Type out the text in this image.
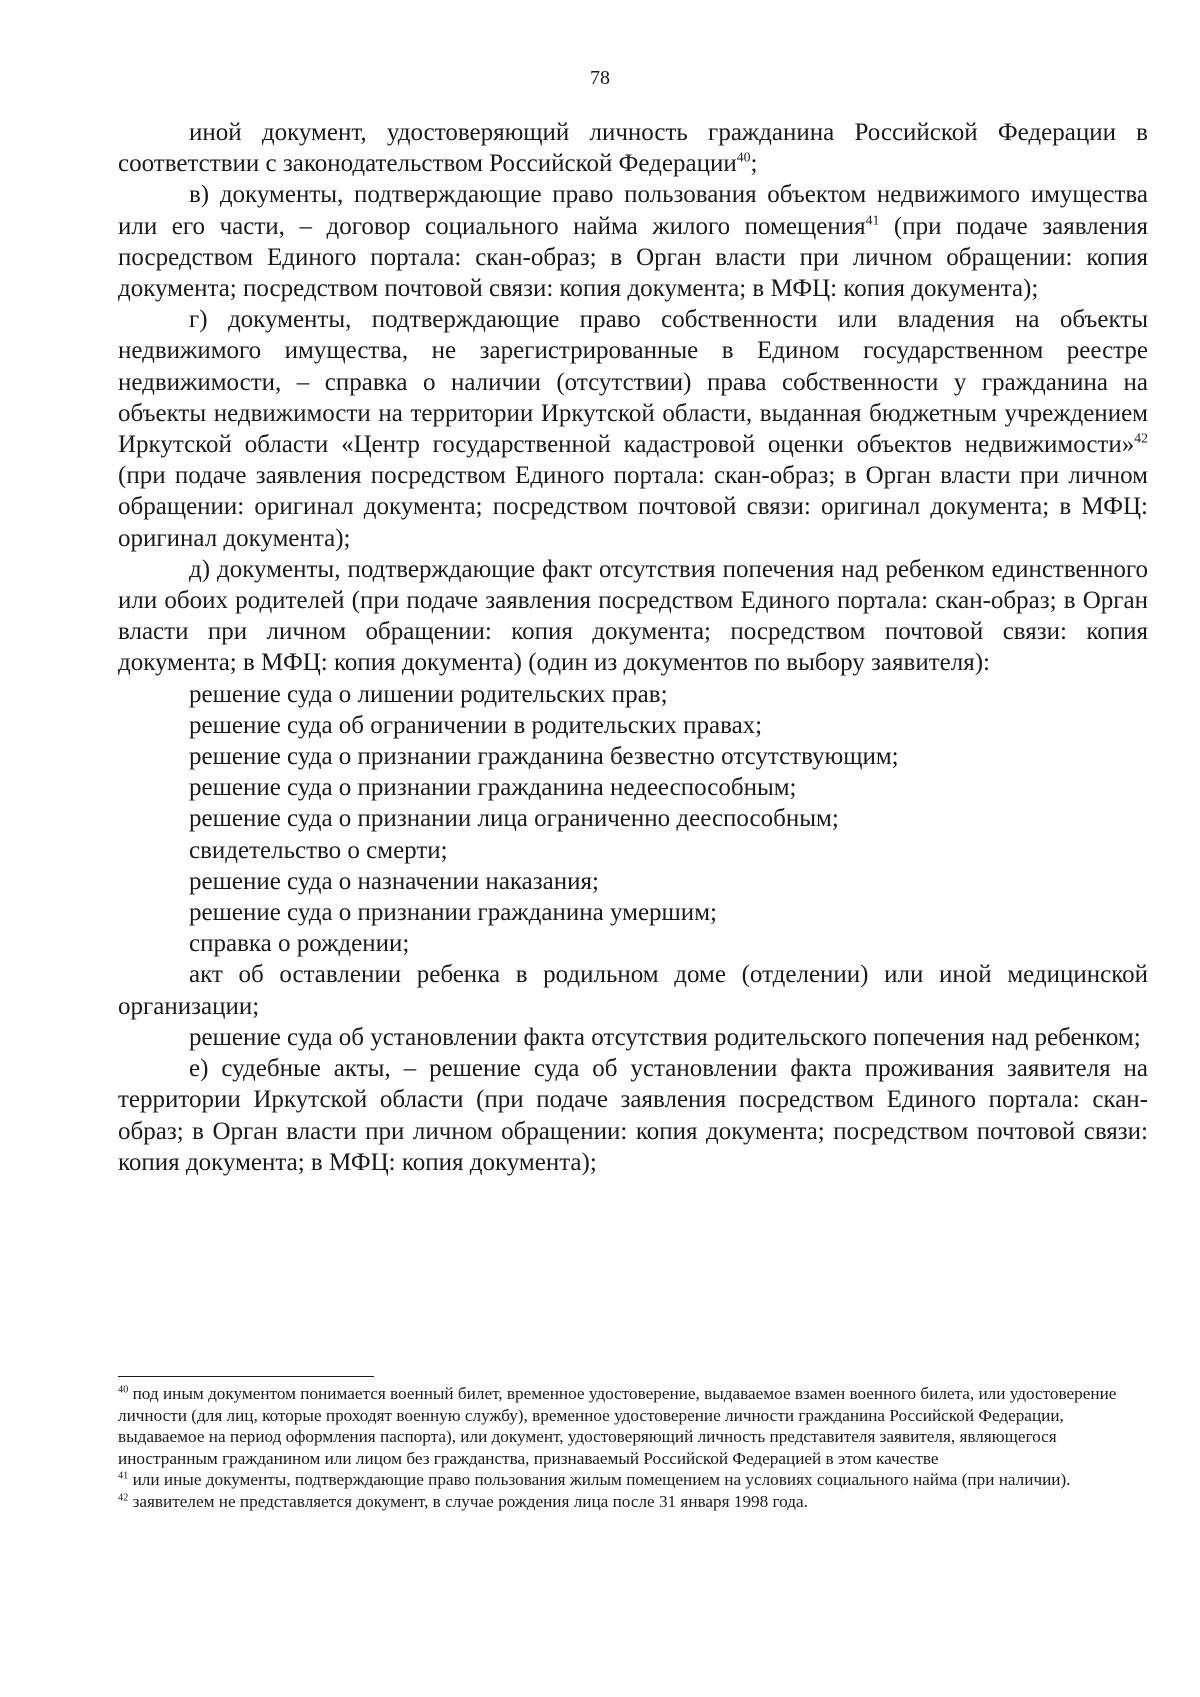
78

иной документ, удостоверяющий личность гражданина Российской Федерации в соответствии с законодательством Российской Федерации$^{40}$;

в) документы, подтверждающие право пользования объектом недвижимого имущества или его части, – договор социального найма жилого помещения$^{41}$ (при подаче заявления посредством Единого портала: скан-образ; в Орган власти при личном обращении: копия документа; посредством почтовой связи: копия документа; в МФЦ: копия документа);

г) документы, подтверждающие право собственности или владения на объекты недвижимого имущества, не зарегистрированные в Едином государственном реестре недвижимости, – справка о наличии (отсутствии) права собственности у гражданина на объекты недвижимости на территории Иркутской области, выданная бюджетным учреждением Иркутской области «Центр государственной кадастровой оценки объектов недвижимости»$^{42}$ (при подаче заявления посредством Единого портала: скан-образ; в Орган власти при личном обращении: оригинал документа; посредством почтовой связи: оригинал документа; в МФЦ: оригинал документа);

д) документы, подтверждающие факт отсутствия попечения над ребенком единственного или обоих родителей (при подаче заявления посредством Единого портала: скан-образ; в Орган власти при личном обращении: копия документа; посредством почтовой связи: копия документа; в МФЦ: копия документа) (один из документов по выбору заявителя):

решение суда о лишении родительских прав;

решение суда об ограничении в родительских правах;

решение суда о признании гражданина безвестно отсутствующим;

решение суда о признании гражданина недееспособным;

решение суда о признании лица ограниченно дееспособным;

свидетельство о смерти;

решение суда о назначении наказания;

решение суда о признании гражданина умершим;

справка о рождении;

акт об оставлении ребенка в родильном доме (отделении) или иной медицинской организации;

решение суда об установлении факта отсутствия родительского попечения над ребенком;

е) судебные акты, – решение суда об установлении факта проживания заявителя на территории Иркутской области (при подаче заявления посредством Единого портала: скан-образ; в Орган власти при личном обращении: копия документа; посредством почтовой связи: копия документа; в МФЦ: копия документа);

$^{40}$ под иным документом понимается военный билет, временное удостоверение, выдаваемое взамен военного билета, или удостоверение личности (для лиц, которые проходят военную службу), временное удостоверение личности гражданина Российской Федерации, выдаваемое на период оформления паспорта), или документ, удостоверяющий личность представителя заявителя, являющегося иностранным гражданином или лицом без гражданства, признаваемый Российской Федерацией в этом качестве

$^{41}$ или иные документы, подтверждающие право пользования жилым помещением на условиях социального найма (при наличии).

$^{42}$ заявителем не представляется документ, в случае рождения лица после 31 января 1998 года.
